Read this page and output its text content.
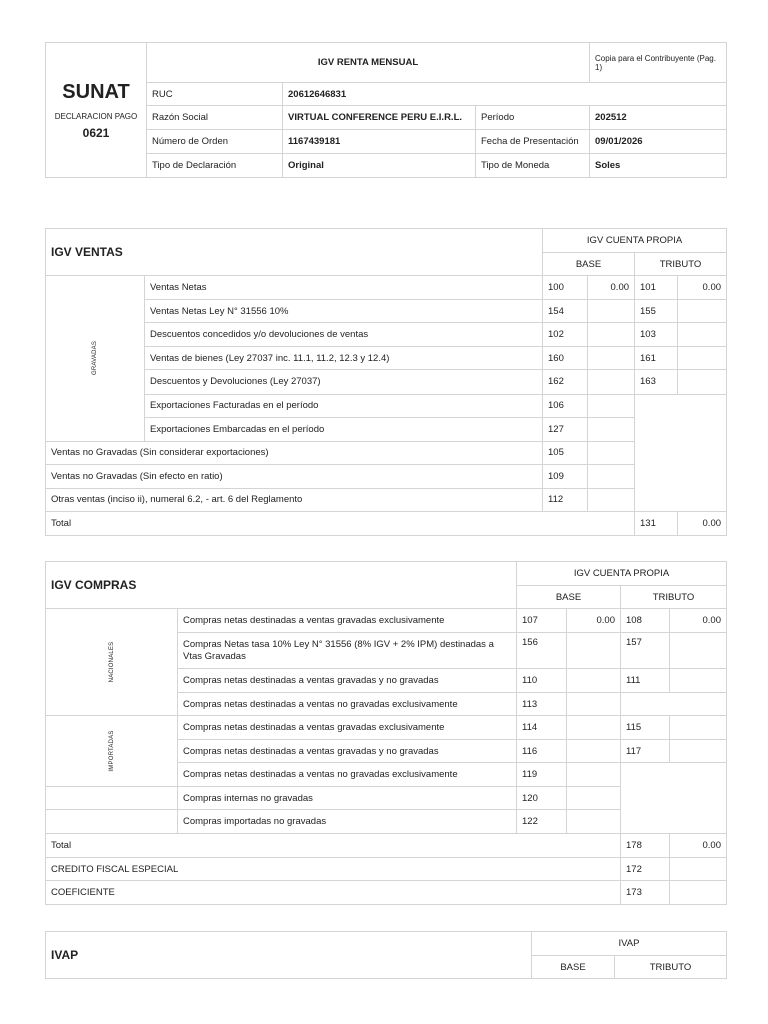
SUNAT
DECLARACION PAGO
0621	IGV RENTA MENSUAL			Copia para el Contribuyente (Pag. 1)
	RUC	20612646831		
	Razón Social	VIRTUAL CONFERENCE PERU E.I.R.L.	Período	202512
	Número de Orden	1167439181	Fecha de Presentación	09/01/2026
	Tipo de Declaración	Original	Tipo de Moneda	Soles
IGV VENTAS		IGV CUENTA PROPIA			
		BASE		TRIBUTO	

GRAVADAS	Ventas Netas	100	0.00	101	0.00
	Ventas Netas Ley N° 31556 10%	154		155	
	Descuentos concedidos y/o devoluciones de ventas	102		103	
	Ventas de bienes (Ley 27037 inc. 11.1, 11.2, 12.3 y 12.4)	160		161	
	Descuentos y Devoluciones (Ley 27037)	162		163	
	Exportaciones Facturadas en el período	106			
	Exportaciones Embarcadas en el período	127			
Ventas no Gravadas (Sin considerar exportaciones)		105			
Ventas no Gravadas (Sin efecto en ratio)		109			
Otras ventas (inciso ii), numeral 6.2, - art. 6 del Reglamento		112			
Total				131	0.00
IGV COMPRAS		IGV CUENTA PROPIA			
		BASE		TRIBUTO	

NACIONALES	Compras netas destinadas a ventas gravadas exclusivamente	107	0.00	108	0.00
	Compras Netas tasa 10% Ley N° 31556 (8% IGV + 2% IPM) destinadas a Vtas Gravadas	156		157	
	Compras netas destinadas a ventas gravadas y no gravadas	110		111	
	Compras netas destinadas a ventas no gravadas exclusivamente	113			

IMPORTADAS	Compras netas destinadas a ventas gravadas exclusivamente	114		115	
	Compras netas destinadas a ventas gravadas y no gravadas	116		117	
	Compras netas destinadas a ventas no gravadas exclusivamente	119			
	Compras internas no gravadas	120			
	Compras importadas no gravadas	122			
Total				178	0.00
CREDITO FISCAL ESPECIAL				172	
COEFICIENTE				173	
IVAP	IVAP	
	BASE	TRIBUTO
